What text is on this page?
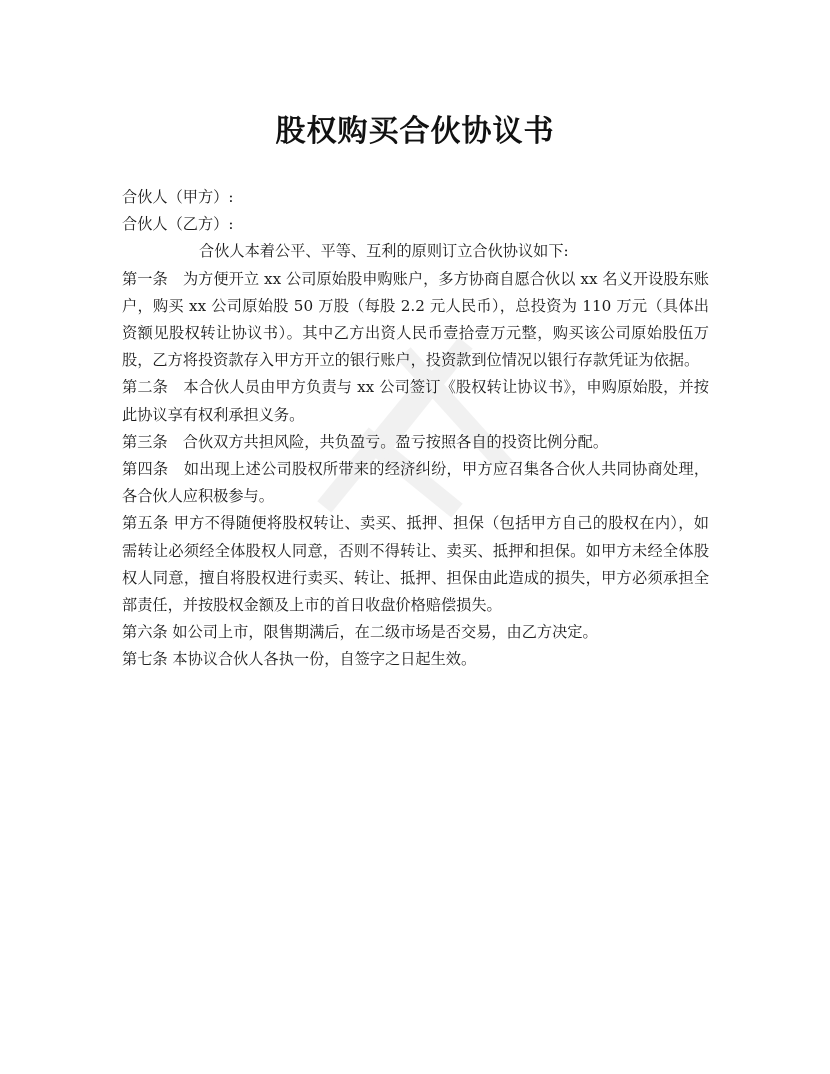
股权购买合伙协议书

合伙人（甲方）:

合伙人（乙方）:

合伙人本着公平、平等、互利的原则订立合伙协议如下:

第一条　为方便开立 xx 公司原始股申购账户，多方协商自愿合伙以 xx 名义开设股东账户，购买 xx 公司原始股 50 万股（每股 2.2 元人民币），总投资为 110 万元（具体出资额见股权转让协议书）。其中乙方出资人民币壹拾壹万元整，购买该公司原始股伍万股，乙方将投资款存入甲方开立的银行账户，投资款到位情况以银行存款凭证为依据。

第二条　本合伙人员由甲方负责与 xx 公司签订《股权转让协议书》，申购原始股，并按此协议享有权利承担义务。

第三条　合伙双方共担风险，共负盈亏。盈亏按照各自的投资比例分配。

第四条　如出现上述公司股权所带来的经济纠纷，甲方应召集各合伙人共同协商处理，各合伙人应积极参与。

第五条 甲方不得随便将股权转让、卖买、抵押、担保（包括甲方自己的股权在内），如需转让必须经全体股权人同意，否则不得转让、卖买、抵押和担保。如甲方未经全体股权人同意，擅自将股权进行卖买、转让、抵押、担保由此造成的损失，甲方必须承担全部责任，并按股权金额及上市的首日收盘价格赔偿损失。

第六条 如公司上市，限售期满后，在二级市场是否交易，由乙方决定。

第七条 本协议合伙人各执一份，自签字之日起生效。
